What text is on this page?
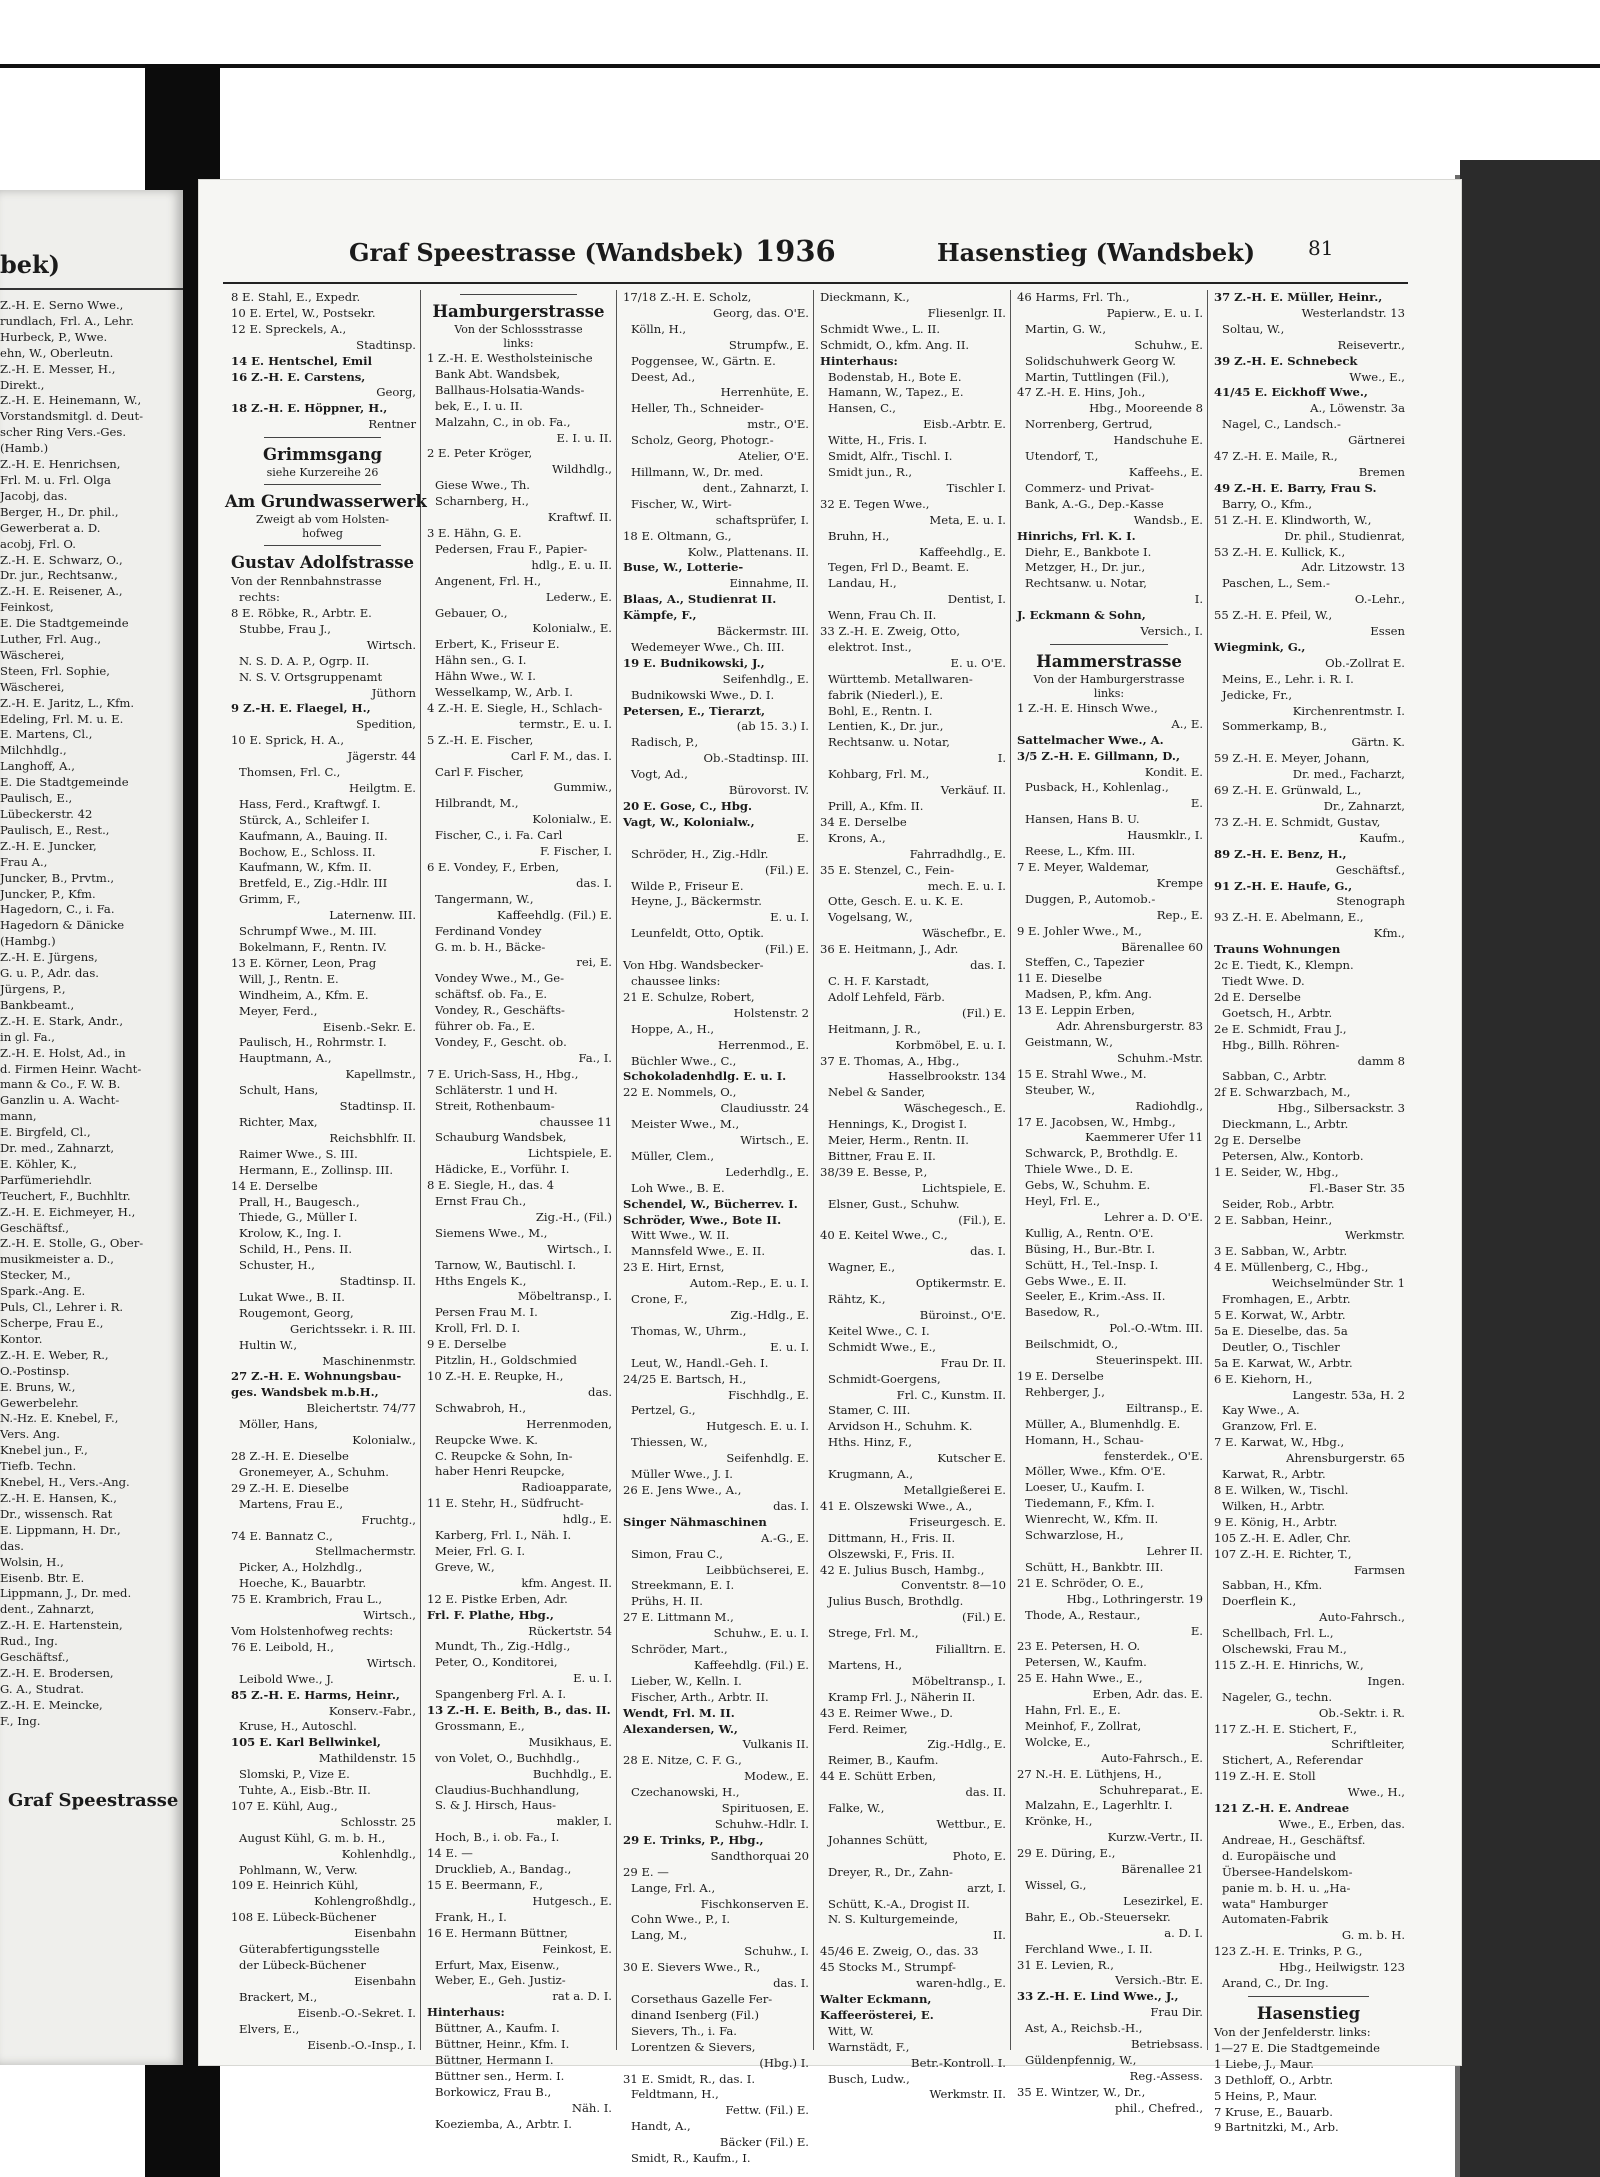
bek)
Z.-H. E. Serno Wwe.,
rundlach, Frl. A., Lehr.
Hurbeck, P., Wwe.
ehn, W., Oberleutn.
Z.-H. E. Messer, H.,
Direkt.,
Z.-H. E. Heinemann, W.,
Vorstandsmitgl. d. Deut-
scher Ring Vers.-Ges.
(Hamb.)
Z.-H. E. Henrichsen,
Frl. M. u. Frl. Olga
Jacobj, das.
Berger, H., Dr. phil.,
Gewerberat a. D.
acobj, Frl. O.
Z.-H. E. Schwarz, O.,
Dr. jur., Rechtsanw.,
Z.-H. E. Reisener, A.,
Feinkost,
E. Die Stadtgemeinde
Luther, Frl. Aug.,
Wäscherei,
Steen, Frl. Sophie,
Wäscherei,
Z.-H. E. Jaritz, L., Kfm.
Edeling, Frl. M. u. E.
E. Martens, Cl.,
Milchhdlg.,
Langhoff, A.,
E. Die Stadtgemeinde
Paulisch, E.,
Lübeckerstr. 42
Paulisch, E., Rest.,
Z.-H. E. Juncker,
Frau A.,
Juncker, B., Prvtm.,
Juncker, P., Kfm.
Hagedorn, C., i. Fa.
Hagedorn & Dänicke
(Hambg.)
Z.-H. E. Jürgens,
G. u. P., Adr. das.
Jürgens, P.,
Bankbeamt.,
Z.-H. E. Stark, Andr.,
in gl. Fa.,
Z.-H. E. Holst, Ad., in
d. Firmen Heinr. Wacht-
mann & Co., F. W. B.
Ganzlin u. A. Wacht-
mann,
E. Birgfeld, Cl.,
Dr. med., Zahnarzt,
E. Köhler, K.,
Parfümeriehdlr.
Teuchert, F., Buchhltr.
Z.-H. E. Eichmeyer, H.,
Geschäftsf.,
Z.-H. E. Stolle, G., Ober-
musikmeister a. D.,
Stecker, M.,
Spark.-Ang. E.
Puls, Cl., Lehrer i. R.
Scherpe, Frau E.,
Kontor.
Z.-H. E. Weber, R.,
O.-Postinsp.
E. Bruns, W.,
Gewerbelehr.
N.-Hz. E. Knebel, F.,
Vers. Ang.
Knebel jun., F.,
Tiefb. Techn.
Knebel, H., Vers.-Ang.
Z.-H. E. Hansen, K.,
Dr., wissensch. Rat
E. Lippmann, H. Dr.,
das.
Wolsin, H.,
Eisenb. Btr. E.
Lippmann, J., Dr. med.
dent., Zahnarzt,
Z.-H. E. Hartenstein,
Rud., Ing.
Geschäftsf.,
Z.-H. E. Brodersen,
G. A., Studrat.
Z.-H. E. Meincke,
F., Ing.
Graf Speestrasse
Graf Speestrasse (Wandsbek) 1936	Hasenstieg (Wandsbek)	81
8 E. Stahl, E., Expedr.
10 E. Ertel, W., Postsekr.
12 E. Spreckels, A.,
Stadtinsp.
14 E. Hentschel, Emil
16 Z.-H. E. Carstens,
Georg,
18 Z.-H. E. Höppner, H.,
Rentner
Grimmsgang
siehe Kurzereihe 26
Am Grundwasserwerk
Zweigt ab vom Holsten-
hofweg
Gustav Adolfstrasse
Von der Rennbahnstrasse
rechts:
8 E. Röbke, R., Arbtr. E.
Stubbe, Frau J.,
Wirtsch.
N. S. D. A. P., Ogrp. II.
N. S. V. Ortsgruppenamt
Jüthorn
9 Z.-H. E. Flaegel, H.,
Spedition,
10 E. Sprick, H. A.,
Jägerstr. 44
Thomsen, Frl. C.,
Heilgtm. E.
Hass, Ferd., Kraftwgf. I.
Stürck, A., Schleifer I.
Kaufmann, A., Bauing. II.
Bochow, E., Schloss. II.
Kaufmann, W., Kfm. II.
Bretfeld, E., Zig.-Hdlr. III
Grimm, F.,
Laternenw. III.
Schrumpf Wwe., M. III.
Bokelmann, F., Rentn. IV.
13 E. Körner, Leon, Prag
Will, J., Rentn. E.
Windheim, A., Kfm. E.
Meyer, Ferd.,
Eisenb.-Sekr. E.
Paulisch, H., Rohrmstr. I.
Hauptmann, A.,
Kapellmstr.,
Schult, Hans,
Stadtinsp. II.
Richter, Max,
Reichsbhlfr. II.
Raimer Wwe., S. III.
Hermann, E., Zollinsp. III.
14 E. Derselbe
Prall, H., Baugesch.,
Thiede, G., Müller I.
Krolow, K., Ing. I.
Schild, H., Pens. II.
Schuster, H.,
Stadtinsp. II.
Lukat Wwe., B. II.
Rougemont, Georg,
Gerichtssekr. i. R. III.
Hultin W.,
Maschinenmstr.
27 Z.-H. E. Wohnungsbau-
ges. Wandsbek m.b.H.,
Bleichertstr. 74/77
Möller, Hans,
Kolonialw.,
28 Z.-H. E. Dieselbe
Gronemeyer, A., Schuhm.
29 Z.-H. E. Dieselbe
Martens, Frau E.,
Fruchtg.,
74 E. Bannatz C.,
Stellmachermstr.
Picker, A., Holzhdlg.,
Hoeche, K., Bauarbtr.
75 E. Krambrich, Frau L.,
Wirtsch.,
Vom Holstenhofweg rechts:
76 E. Leibold, H.,
Wirtsch.
Leibold Wwe., J.
85 Z.-H. E. Harms, Heinr.,
Konserv.-Fabr.,
Kruse, H., Autoschl.
105 E. Karl Bellwinkel,
Mathildenstr. 15
Slomski, P., Vize E.
Tuhte, A., Eisb.-Btr. II.
107 E. Kühl, Aug.,
Schlosstr. 25
August Kühl, G. m. b. H.,
Kohlenhdlg.,
Pohlmann, W., Verw.
109 E. Heinrich Kühl,
Kohlengroßhdlg.,
108 E. Lübeck-Büchener
Eisenbahn
Güterabfertigungsstelle
der Lübeck-Büchener
Eisenbahn
Brackert, M.,
Eisenb.-O.-Sekret. I.
Elvers, E.,
Eisenb.-O.-Insp., I.
Hamburgerstrasse
Von der Schlossstrasse
links:
1 Z.-H. E. Westholsteinische
Bank Abt. Wandsbek,
Ballhaus-Holsatia-Wands-
bek, E., I. u. II.
Malzahn, C., in ob. Fa.,
E. I. u. II.
2 E. Peter Kröger,
Wildhdlg.,
Giese Wwe., Th.
Scharnberg, H.,
Kraftwf. II.
3 E. Hähn, G. E.
Pedersen, Frau F., Papier-
hdlg., E. u. II.
Angenent, Frl. H.,
Lederw., E.
Gebauer, O.,
Kolonialw., E.
Erbert, K., Friseur E.
Hähn sen., G. I.
Hähn Wwe., W. I.
Wesselkamp, W., Arb. I.
4 Z.-H. E. Siegle, H., Schlach-
termstr., E. u. I.
5 Z.-H. E. Fischer,
Carl F. M., das. I.
Carl F. Fischer,
Gummiw.,
Hilbrandt, M.,
Kolonialw., E.
Fischer, C., i. Fa. Carl
F. Fischer, I.
6 E. Vondey, F., Erben,
das. I.
Tangermann, W.,
Kaffeehdlg. (Fil.) E.
Ferdinand Vondey
G. m. b. H., Bäcke-
rei, E.
Vondey Wwe., M., Ge-
schäftsf. ob. Fa., E.
Vondey, R., Geschäfts-
führer ob. Fa., E.
Vondey, F., Gescht. ob.
Fa., I.
7 E. Urich-Sass, H., Hbg.,
Schläterstr. 1 und H.
Streit, Rothenbaum-
chaussee 11
Schauburg Wandsbek,
Lichtspiele, E.
Hädicke, E., Vorführ. I.
8 E. Siegle, H., das. 4
Ernst Frau Ch.,
Zig.-H., (Fil.)
Siemens Wwe., M.,
Wirtsch., I.
Tarnow, W., Bautischl. I.
Hths Engels K.,
Möbeltransp., I.
Persen Frau M. I.
Kroll, Frl. D. I.
9 E. Derselbe
Pitzlin, H., Goldschmied
10 Z.-H. E. Reupke, H.,
das.
Schwabroh, H.,
Herrenmoden,
Reupcke Wwe. K.
C. Reupcke & Sohn, In-
haber Henri Reupcke,
Radioapparate,
11 E. Stehr, H., Südfrucht-
hdlg., E.
Karberg, Frl. I., Näh. I.
Meier, Frl. G. I.
Greve, W.,
kfm. Angest. II.
12 E. Pistke Erben, Adr.
Frl. F. Plathe, Hbg.,
Rückertstr. 54
Mundt, Th., Zig.-Hdlg.,
Peter, O., Konditorei,
E. u. I.
Spangenberg Frl. A. I.
13 Z.-H. E. Beith, B., das. II.
Grossmann, E.,
Musikhaus, E.
von Volet, O., Buchhdlg.,
Buchhdlg., E.
Claudius-Buchhandlung,
S. & J. Hirsch, Haus-
makler, I.
Hoch, B., i. ob. Fa., I.
14 E. —
Drucklieb, A., Bandag.,
15 E. Beermann, F.,
Hutgesch., E.
Frank, H., I.
16 E. Hermann Büttner,
Feinkost, E.
Erfurt, Max, Eisenw.,
Weber, E., Geh. Justiz-
rat a. D. I.
Hinterhaus:
Büttner, A., Kaufm. I.
Büttner, Heinr., Kfm. I.
Büttner, Hermann I.
Büttner sen., Herm. I.
Borkowicz, Frau B.,
Näh. I.
Koeziemba, A., Arbtr. I.
17/18 Z.-H. E. Scholz,
Georg, das. O'E.
Kölln, H.,
Strumpfw., E.
Poggensee, W., Gärtn. E.
Deest, Ad.,
Herrenhüte, E.
Heller, Th., Schneider-
mstr., O'E.
Scholz, Georg, Photogr.-
Atelier, O'E.
Hillmann, W., Dr. med.
dent., Zahnarzt, I.
Fischer, W., Wirt-
schaftsprüfer, I.
18 E. Oltmann, G.,
Kolw., Plattenans. II.
Buse, W., Lotterie-
Einnahme, II.
Blaas, A., Studienrat II.
Kämpfe, F.,
Bäckermstr. III.
Wedemeyer Wwe., Ch. III.
19 E. Budnikowski, J.,
Seifenhdlg., E.
Budnikowski Wwe., D. I.
Petersen, E., Tierarzt,
(ab 15. 3.) I.
Radisch, P.,
Ob.-Stadtinsp. III.
Vogt, Ad.,
Bürovorst. IV.
20 E. Gose, C., Hbg.
Vagt, W., Kolonialw.,
E.
Schröder, H., Zig.-Hdlr.
(Fil.) E.
Wilde P., Friseur E.
Heyne, J., Bäckermstr.
E. u. I.
Leunfeldt, Otto, Optik.
(Fil.) E.
Von Hbg. Wandsbecker-
chaussee links:
21 E. Schulze, Robert,
Holstenstr. 2
Hoppe, A., H.,
Herrenmod., E.
Büchler Wwe., C.,
Schokoladenhdlg. E. u. I.
22 E. Nommels, O.,
Claudiusstr. 24
Meister Wwe., M.,
Wirtsch., E.
Müller, Clem.,
Lederhdlg., E.
Loh Wwe., B. E.
Schendel, W., Bücherrev. I.
Schröder, Wwe., Bote II.
Witt Wwe., W. II.
Mannsfeld Wwe., E. II.
23 E. Hirt, Ernst,
Autom.-Rep., E. u. I.
Crone, F.,
Zig.-Hdlg., E.
Thomas, W., Uhrm.,
E. u. I.
Leut, W., Handl.-Geh. I.
24/25 E. Bartsch, H.,
Fischhdlg., E.
Pertzel, G.,
Hutgesch. E. u. I.
Thiessen, W.,
Seifenhdlg. E.
Müller Wwe., J. I.
26 E. Jens Wwe., A.,
das. I.
Singer Nähmaschinen
A.-G., E.
Simon, Frau C.,
Leibbüchserei, E.
Streekmann, E. I.
Prühs, H. II.
27 E. Littmann M.,
Schuhw., E. u. I.
Schröder, Mart.,
Kaffeehdlg. (Fil.) E.
Lieber, W., Kelln. I.
Fischer, Arth., Arbtr. II.
Wendt, Frl. M. II.
Alexandersen, W.,
Vulkanis II.
28 E. Nitze, C. F. G.,
Modew., E.
Czechanowski, H.,
Spirituosen, E.
Schuhw.-Hdlr. I.
29 E. Trinks, P., Hbg.,
Sandthorquai 20
29 E. —
Lange, Frl. A.,
Fischkonserven E.
Cohn Wwe., P., I.
Lang, M.,
Schuhw., I.
30 E. Sievers Wwe., R.,
das. I.
Corsethaus Gazelle Fer-
dinand Isenberg (Fil.)
Sievers, Th., i. Fa.
Lorentzen & Sievers,
(Hbg.) I.
31 E. Smidt, R., das. I.
Feldtmann, H.,
Fettw. (Fil.) E.
Handt, A.,
Bäcker (Fil.) E.
Smidt, R., Kaufm., I.
Dieckmann, K.,
Fliesenlgr. II.
Schmidt Wwe., L. II.
Schmidt, O., kfm. Ang. II.
Hinterhaus:
Bodenstab, H., Bote E.
Hamann, W., Tapez., E.
Hansen, C.,
Eisb.-Arbtr. E.
Witte, H., Fris. I.
Smidt, Alfr., Tischl. I.
Smidt jun., R.,
Tischler I.
32 E. Tegen Wwe.,
Meta, E. u. I.
Bruhn, H.,
Kaffeehdlg., E.
Tegen, Frl D., Beamt. E.
Landau, H.,
Dentist, I.
Wenn, Frau Ch. II.
33 Z.-H. E. Zweig, Otto,
elektrot. Inst.,
E. u. O'E.
Württemb. Metallwaren-
fabrik (Niederl.), E.
Bohl, E., Rentn. I.
Lentien, K., Dr. jur.,
Rechtsanw. u. Notar,
I.
Kohbarg, Frl. M.,
Verkäuf. II.
Prill, A., Kfm. II.
34 E. Derselbe
Krons, A.,
Fahrradhdlg., E.
35 E. Stenzel, C., Fein-
mech. E. u. I.
Otte, Gesch. E. u. K. E.
Vogelsang, W.,
Wäschefbr., E.
36 E. Heitmann, J., Adr.
das. I.
C. H. F. Karstadt,
Adolf Lehfeld, Färb.
(Fil.) E.
Heitmann, J. R.,
Korbmöbel, E. u. I.
37 E. Thomas, A., Hbg.,
Hasselbrookstr. 134
Nebel & Sander,
Wäschegesch., E.
Hennings, K., Drogist I.
Meier, Herm., Rentn. II.
Bittner, Frau E. II.
38/39 E. Besse, P.,
Lichtspiele, E.
Elsner, Gust., Schuhw.
(Fil.), E.
40 E. Keitel Wwe., C.,
das. I.
Wagner, E.,
Optikermstr. E.
Rähtz, K.,
Büroinst., O'E.
Keitel Wwe., C. I.
Schmidt Wwe., E.,
Frau Dr. II.
Schmidt-Goergens,
Frl. C., Kunstm. II.
Stamer, C. III.
Arvidson H., Schuhm. K.
Hths. Hinz, F.,
Kutscher E.
Krugmann, A.,
Metallgießerei E.
41 E. Olszewski Wwe., A.,
Friseurgesch. E.
Dittmann, H., Fris. II.
Olszewski, F., Fris. II.
42 E. Julius Busch, Hambg.,
Conventstr. 8—10
Julius Busch, Brothdlg.
(Fil.) E.
Strege, Frl. M.,
Filialltrn. E.
Martens, H.,
Möbeltransp., I.
Kramp Frl. J., Näherin II.
43 E. Reimer Wwe., D.
Ferd. Reimer,
Zig.-Hdlg., E.
Reimer, B., Kaufm.
44 E. Schütt Erben,
das. II.
Falke, W.,
Wettbur., E.
Johannes Schütt,
Photo, E.
Dreyer, R., Dr., Zahn-
arzt, I.
Schütt, K.-A., Drogist II.
N. S. Kulturgemeinde,
II.
45/46 E. Zweig, O., das. 33
45 Stocks M., Strumpf-
waren-hdlg., E.
Walter Eckmann,
Kaffeerösterei, E.
Witt, W.
Warnstädt, F.,
Betr.-Kontroll. I.
Busch, Ludw.,
Werkmstr. II.
46 Harms, Frl. Th.,
Papierw., E. u. I.
Martin, G. W.,
Schuhw., E.
Solidschuhwerk Georg W.
Martin, Tuttlingen (Fil.),
47 Z.-H. E. Hins, Joh.,
Hbg., Mooreende 8
Norrenberg, Gertrud,
Handschuhe E.
Utendorf, T.,
Kaffeehs., E.
Commerz- und Privat-
Bank, A.-G., Dep.-Kasse
Wandsb., E.
Hinrichs, Frl. K. I.
Diehr, E., Bankbote I.
Metzger, H., Dr. jur.,
Rechtsanw. u. Notar,
I.
J. Eckmann & Sohn,
Versich., I.
Hammerstrasse
Von der Hamburgerstrasse
links:
1 Z.-H. E. Hinsch Wwe.,
A., E.
Sattelmacher Wwe., A.
3/5 Z.-H. E. Gillmann, D.,
Kondit. E.
Pusback, H., Kohlenlag.,
E.
Hansen, Hans B. U.
Hausmklr., I.
Reese, L., Kfm. III.
7 E. Meyer, Waldemar,
Krempe
Duggen, P., Automob.-
Rep., E.
9 E. Johler Wwe., M.,
Bärenallee 60
Steffen, C., Tapezier
11 E. Dieselbe
Madsen, P., kfm. Ang.
13 E. Leppin Erben,
Adr. Ahrensburgerstr. 83
Geistmann, W.,
Schuhm.-Mstr.
15 E. Strahl Wwe., M.
Steuber, W.,
Radiohdlg.,
17 E. Jacobsen, W., Hmbg.,
Kaemmerer Ufer 11
Schwarck, P., Brothdlg. E.
Thiele Wwe., D. E.
Gebs, W., Schuhm. E.
Heyl, Frl. E.,
Lehrer a. D. O'E.
Kullig, A., Rentn. O'E.
Büsing, H., Bur.-Btr. I.
Schütt, H., Tel.-Insp. I.
Gebs Wwe., E. II.
Seeler, E., Krim.-Ass. II.
Basedow, R.,
Pol.-O.-Wtm. III.
Beilschmidt, O.,
Steuerinspekt. III.
19 E. Derselbe
Rehberger, J.,
Eiltransp., E.
Müller, A., Blumenhdlg. E.
Homann, H., Schau-
fensterdek., O'E.
Möller, Wwe., Kfm. O'E.
Loeser, U., Kaufm. I.
Tiedemann, F., Kfm. I.
Wienrecht, W., Kfm. II.
Schwarzlose, H.,
Lehrer II.
Schütt, H., Bankbtr. III.
21 E. Schröder, O. E.,
Hbg., Lothringerstr. 19
Thode, A., Restaur.,
E.
23 E. Petersen, H. O.
Petersen, W., Kaufm.
25 E. Hahn Wwe., E.,
Erben, Adr. das. E.
Hahn, Frl. E., E.
Meinhof, F., Zollrat,
Wolcke, E.,
Auto-Fahrsch., E.
27 N.-H. E. Lüthjens, H.,
Schuhreparat., E.
Malzahn, E., Lagerhltr. I.
Krönke, H.,
Kurzw.-Vertr., II.
29 E. Düring, E.,
Bärenallee 21
Wissel, G.,
Lesezirkel, E.
Bahr, E., Ob.-Steuersekr.
a. D. I.
Ferchland Wwe., I. II.
31 E. Levien, R.,
Versich.-Btr. E.
33 Z.-H. E. Lind Wwe., J.,
Frau Dir.
Ast, A., Reichsb.-H.,
Betriebsass.
Güldenpfennig, W.,
Reg.-Assess.
35 E. Wintzer, W., Dr.,
phil., Chefred.,
37 Z.-H. E. Müller, Heinr.,
Westerlandstr. 13
Soltau, W.,
Reisevertr.,
39 Z.-H. E. Schnebeck
Wwe., E.,
41/45 E. Eickhoff Wwe.,
A., Löwenstr. 3a
Nagel, C., Landsch.-
Gärtnerei
47 Z.-H. E. Maile, R.,
Bremen
49 Z.-H. E. Barry, Frau S.
Barry, O., Kfm.,
51 Z.-H. E. Klindworth, W.,
Dr. phil., Studienrat,
53 Z.-H. E. Kullick, K.,
Adr. Litzowstr. 13
Paschen, L., Sem.-
O.-Lehr.,
55 Z.-H. E. Pfeil, W.,
Essen
Wiegmink, G.,
Ob.-Zollrat E.
Meins, E., Lehr. i. R. I.
Jedicke, Fr.,
Kirchenrentmstr. I.
Sommerkamp, B.,
Gärtn. K.
59 Z.-H. E. Meyer, Johann,
Dr. med., Facharzt,
69 Z.-H. E. Grünwald, L.,
Dr., Zahnarzt,
73 Z.-H. E. Schmidt, Gustav,
Kaufm.,
89 Z.-H. E. Benz, H.,
Geschäftsf.,
91 Z.-H. E. Haufe, G.,
Stenograph
93 Z.-H. E. Abelmann, E.,
Kfm.,
Trauns Wohnungen
2c E. Tiedt, K., Klempn.
Tiedt Wwe. D.
2d E. Derselbe
Goetsch, H., Arbtr.
2e E. Schmidt, Frau J.,
Hbg., Billh. Röhren-
damm 8
Sabban, C., Arbtr.
2f E. Schwarzbach, M.,
Hbg., Silbersackstr. 3
Dieckmann, L., Arbtr.
2g E. Derselbe
Petersen, Alw., Kontorb.
1 E. Seider, W., Hbg.,
Fl.-Baser Str. 35
Seider, Rob., Arbtr.
2 E. Sabban, Heinr.,
Werkmstr.
3 E. Sabban, W., Arbtr.
4 E. Müllenberg, C., Hbg.,
Weichselmünder Str. 1
Fromhagen, E., Arbtr.
5 E. Korwat, W., Arbtr.
5a E. Dieselbe, das. 5a
Deutler, O., Tischler
5a E. Karwat, W., Arbtr.
6 E. Kiehorn, H.,
Langestr. 53a, H. 2
Kay Wwe., A.
Granzow, Frl. E.
7 E. Karwat, W., Hbg.,
Ahrensburgerstr. 65
Karwat, R., Arbtr.
8 E. Wilken, W., Tischl.
Wilken, H., Arbtr.
9 E. König, H., Arbtr.
105 Z.-H. E. Adler, Chr.
107 Z.-H. E. Richter, T.,
Farmsen
Sabban, H., Kfm.
Doerflein K.,
Auto-Fahrsch.,
Schellbach, Frl. L.,
Olschewski, Frau M.,
115 Z.-H. E. Hinrichs, W.,
Ingen.
Nageler, G., techn.
Ob.-Sektr. i. R.
117 Z.-H. E. Stichert, F.,
Schriftleiter,
Stichert, A., Referendar
119 Z.-H. E. Stoll
Wwe., H.,
121 Z.-H. E. Andreae
Wwe., E., Erben, das.
Andreae, H., Geschäftsf.
d. Europäische und
Übersee-Handelskom-
panie m. b. H. u. „Ha-
wata" Hamburger
Automaten-Fabrik
G. m. b. H.
123 Z.-H. E. Trinks, P. G.,
Hbg., Heilwigstr. 123
Arand, C., Dr. Ing.
Hasenstieg
Von der Jenfelderstr. links:
1—27 E. Die Stadtgemeinde
1 Liebe, J., Maur.
3 Dethloff, O., Arbtr.
5 Heins, P., Maur.
7 Kruse, E., Bauarb.
9 Bartnitzki, M., Arb.
